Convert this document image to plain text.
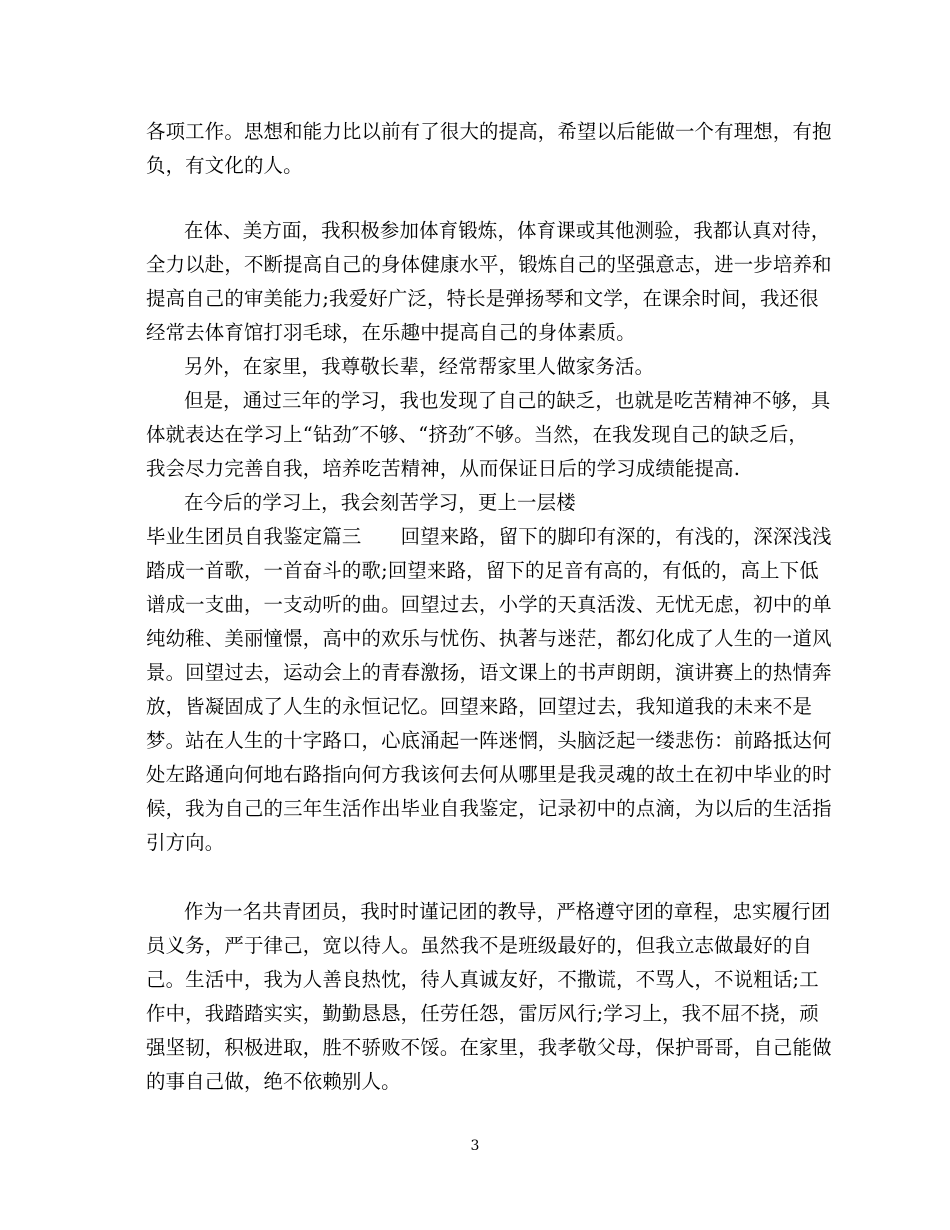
各项工作。思想和能力比以前有了很大的提高，希望以后能做一个有理想，有抱
负，有文化的人。
在体、美方面，我积极参加体育锻炼，体育课或其他测验，我都认真对待，
全力以赴，不断提高自己的身体健康水平，锻炼自己的坚强意志，进一步培养和
提高自己的审美能力;我爱好广泛，特长是弹扬琴和文学，在课余时间，我还很
经常去体育馆打羽毛球，在乐趣中提高自己的身体素质。
另外，在家里，我尊敬长辈，经常帮家里人做家务活。
但是，通过三年的学习，我也发现了自己的缺乏，也就是吃苦精神不够，具
体就表达在学习上“钻劲″不够、“挤劲″不够。当然，在我发现自己的缺乏后，
我会尽力完善自我，培养吃苦精神，从而保证日后的学习成绩能提高.
在今后的学习上，我会刻苦学习，更上一层楼
毕业生团员自我鉴定篇三　　回望来路，留下的脚印有深的，有浅的，深深浅浅
踏成一首歌，一首奋斗的歌;回望来路，留下的足音有高的，有低的，高上下低
谱成一支曲，一支动听的曲。回望过去，小学的天真活泼、无忧无虑，初中的单
纯幼稚、美丽憧憬，高中的欢乐与忧伤、执著与迷茫，都幻化成了人生的一道风
景。回望过去，运动会上的青春激扬，语文课上的书声朗朗，演讲赛上的热情奔
放，皆凝固成了人生的永恒记忆。回望来路，回望过去，我知道我的未来不是
梦。站在人生的十字路口，心底涌起一阵迷惘，头脑泛起一缕悲伤：前路抵达何
处左路通向何地右路指向何方我该何去何从哪里是我灵魂的故土在初中毕业的时
候，我为自己的三年生活作出毕业自我鉴定，记录初中的点滴，为以后的生活指
引方向。
作为一名共青团员，我时时谨记团的教导，严格遵守团的章程，忠实履行团
员义务，严于律己，宽以待人。虽然我不是班级最好的，但我立志做最好的自
己。生活中，我为人善良热忱，待人真诚友好，不撒谎，不骂人，不说粗话;工
作中，我踏踏实实，勤勤恳恳，任劳任怨，雷厉风行;学习上，我不屈不挠，顽
强坚韧，积极进取，胜不骄败不馁。在家里，我孝敬父母，保护哥哥，自己能做
的事自己做，绝不依赖别人。
3
